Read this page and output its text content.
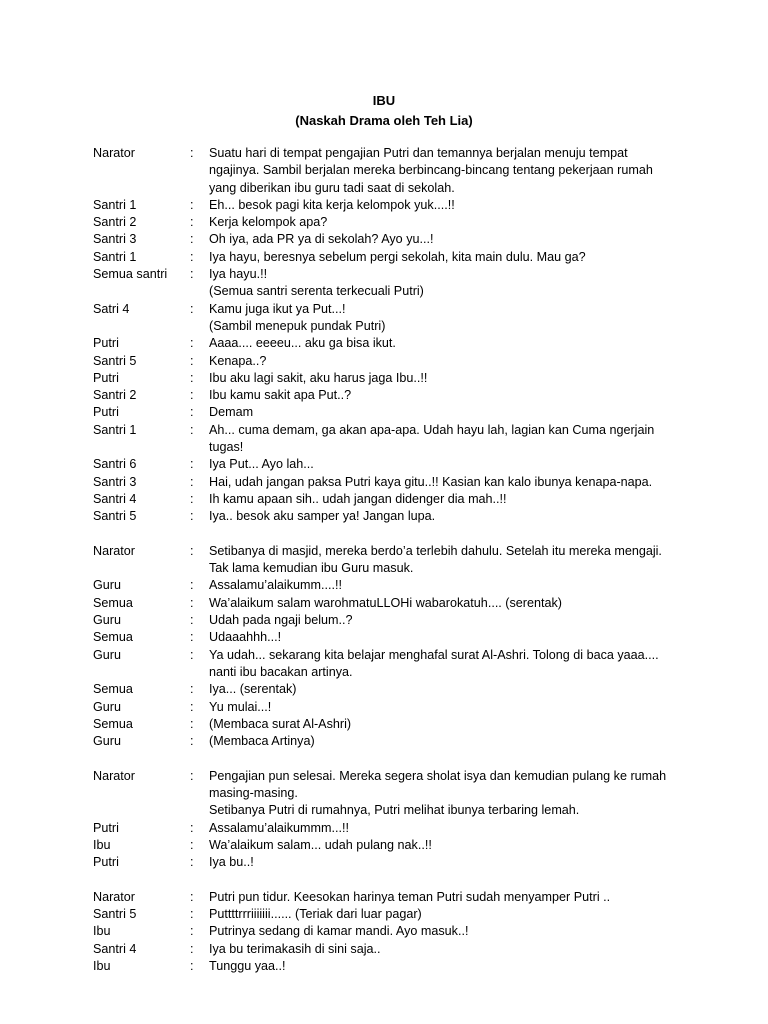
IBU
(Naskah Drama oleh Teh Lia)
Narator	: Suatu hari di tempat pengajian Putri dan temannya berjalan menuju tempat ngajinya. Sambil berjalan mereka berbincang-bincang tentang pekerjaan rumah yang diberikan ibu guru tadi saat di sekolah.
Santri 1	: Eh... besok pagi kita kerja kelompok yuk....!!
Santri 2	: Kerja kelompok apa?
Santri 3	: Oh iya, ada PR ya di sekolah? Ayo yu...!
Santri 1	: Iya hayu, beresnya sebelum pergi sekolah, kita main dulu. Mau ga?
Semua santri : Iya hayu.!!
(Semua santri serenta terkecuali Putri)
Satri 4	: Kamu juga ikut ya Put...!
(Sambil menepuk pundak Putri)
Putri	: Aaaa.... eeeeu... aku ga bisa ikut.
Santri 5	: Kenapa..?
Putri	: Ibu aku lagi sakit, aku harus jaga Ibu..!!
Santri 2	: Ibu kamu sakit apa Put..?
Putri	: Demam
Santri 1	: Ah... cuma demam, ga akan apa-apa. Udah hayu lah, lagian kan Cuma ngerjain tugas!
Santri 6	: Iya Put... Ayo lah...
Santri 3	: Hai, udah jangan paksa Putri kaya gitu..!! Kasian kan kalo ibunya kenapa-napa.
Santri 4	: Ih kamu apaan sih.. udah jangan didenger dia mah..!!
Santri 5	: Iya.. besok aku samper ya! Jangan lupa.
Narator	: Setibanya di masjid, mereka berdo’a terlebih dahulu. Setelah itu mereka mengaji. Tak lama kemudian ibu Guru masuk.
Guru	: Assalamu’alaikumm....!!
Semua	: Wa’alaikum salam warohmatuLLOHi wabarokatuh.... (serentak)
Guru	: Udah pada ngaji belum..?
Semua	: Udaaahhh...!
Guru	: Ya udah... sekarang kita belajar menghafal surat Al-Ashri. Tolong di baca yaaa.... nanti ibu bacakan artinya.
Semua	: Iya... (serentak)
Guru	: Yu mulai...!
Semua	: (Membaca surat Al-Ashri)
Guru	: (Membaca Artinya)
Narator	: Pengajian pun selesai. Mereka segera sholat isya dan kemudian pulang ke rumah masing-masing.
Setibanya Putri di rumahnya, Putri melihat ibunya terbaring lemah.
Putri	: Assalamu’alaikummm...!!
Ibu	: Wa’alaikum salam... udah pulang nak..!!
Putri	: Iya bu..!
Narator	: Putri pun tidur. Keesokan harinya teman Putri sudah menyamper Putri ..
Santri 5	: Puttttrrriiiiiii...... (Teriak dari luar pagar)
Ibu	: Putrinya sedang di kamar mandi. Ayo masuk..!
Santri 4	: Iya bu terimakasih di sini saja..
Ibu	: Tunggu yaa..!
